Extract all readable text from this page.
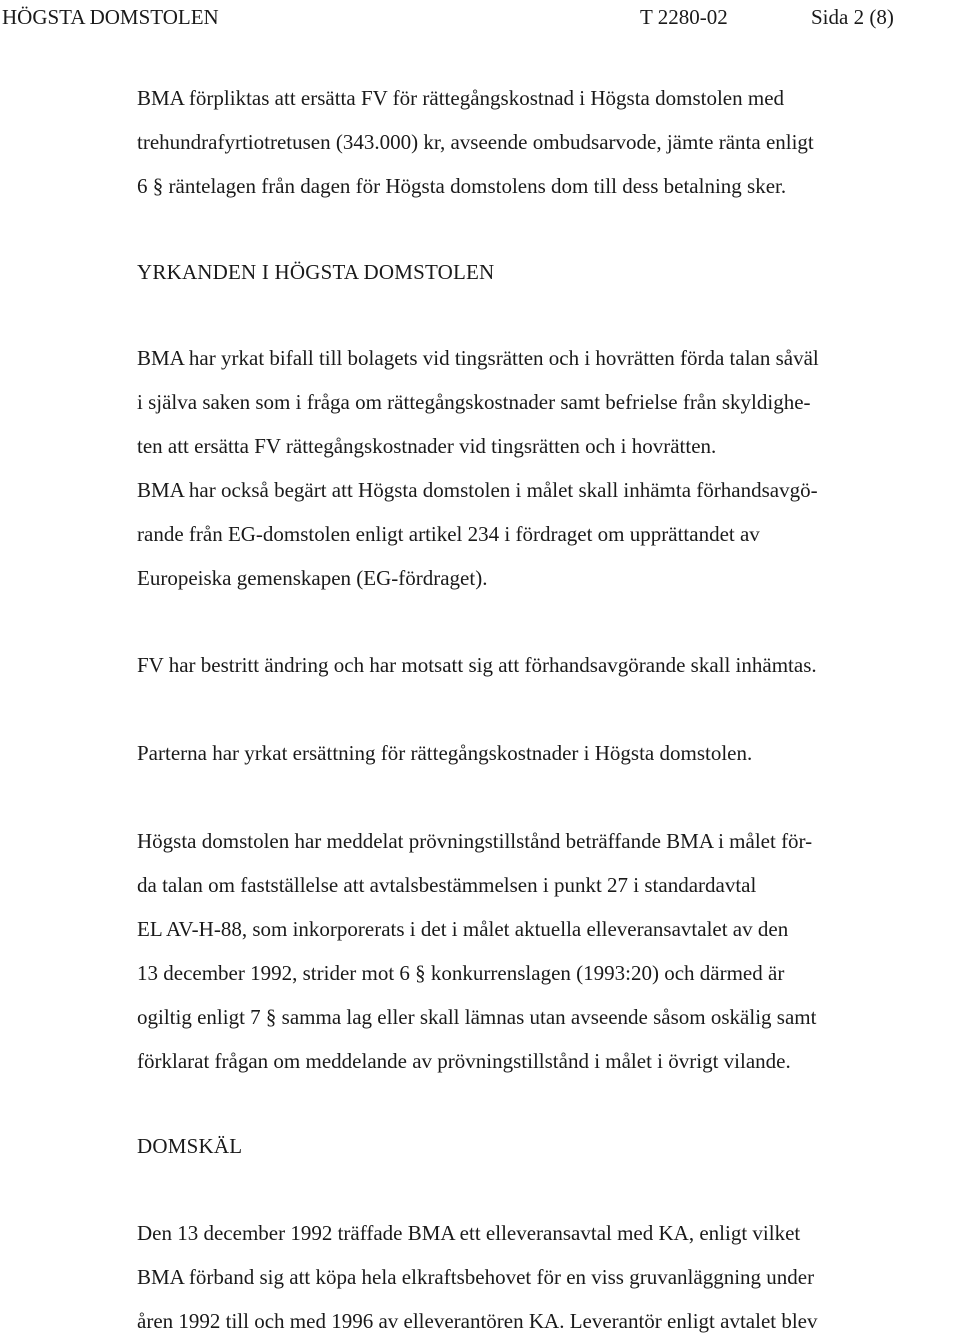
HÖGSTA DOMSTOLEN	T 2280-02	Sida 2 (8)
BMA förpliktas att ersätta FV för rättegångskostnad i Högsta domstolen med
trehundrafyrtiotretusen (343.000) kr, avseende ombudsarvode, jämte ränta enligt
6 § räntelagen från dagen för Högsta domstolens dom till dess betalning sker.
YRKANDEN I HÖGSTA DOMSTOLEN
BMA har yrkat bifall till bolagets vid tingsrätten och i hovrätten förda talan såväl
i själva saken som i fråga om rättegångskostnader samt befrielse från skyldighe-
ten att ersätta FV rättegångskostnader vid tingsrätten och i hovrätten.
BMA har också begärt att Högsta domstolen i målet skall inhämta förhandsavgö-
rande från EG-domstolen enligt artikel 234 i fördraget om upprättandet av
Europeiska gemenskapen (EG-fördraget).
FV har bestritt ändring och har motsatt sig att förhandsavgörande skall inhämtas.
Parterna har yrkat ersättning för rättegångskostnader i Högsta domstolen.
Högsta domstolen har meddelat prövningstillstånd beträffande BMA i målet för-
da talan om fastställelse att avtalsbestämmelsen i punkt 27 i standardavtal
EL AV-H-88, som inkorporerats i det i målet aktuella elleveransavtalet av den
13 december 1992, strider mot 6 § konkurrenslagen (1993:20) och därmed är
ogiltig enligt 7 § samma lag eller skall lämnas utan avseende såsom oskälig samt
förklarat frågan om meddelande av prövningstillstånd i målet i övrigt vilande.
DOMSKÄL
Den 13 december 1992 träffade BMA ett elleveransavtal med KA, enligt vilket
BMA förband sig att köpa hela elkraftsbehovet för en viss gruvanläggning under
åren 1992 till och med 1996 av elleverantören KA. Leverantör enligt avtalet blev
